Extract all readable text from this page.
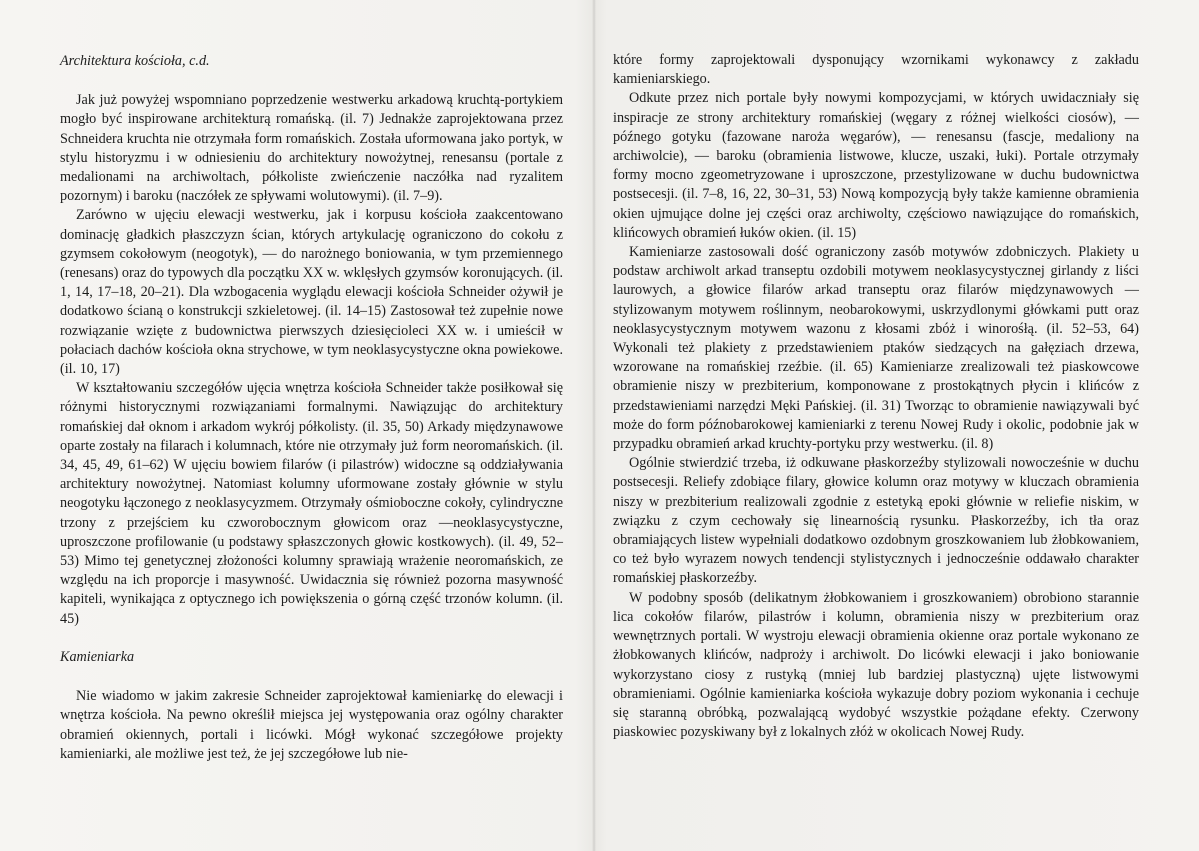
Architektura kościoła, c.d.

Jak już powyżej wspomniano poprzedzenie westwerku arkadową kruchtą-portykiem mogło być inspirowane architekturą romańską. (il. 7) Jednakże zaprojektowana przez Schneidera kruchta nie otrzymała form romańskich. Została uformowana jako portyk, w stylu historyzmu i w odniesieniu do architektury nowożytnej, renesansu (portale z medalionami na archiwoltach, półkoliste zwieńczenie naczółka nad ryzalitem pozornym) i baroku (naczółek ze spływami wolutowymi). (il. 7–9).

Zarówno w ujęciu elewacji westwerku, jak i korpusu kościoła zaakcentowano dominację gładkich płaszczyzn ścian, których artykulację ograniczono do cokołu z gzymsem cokołowym (neogotyk), — do narożnego boniowania, w tym przemiennego (renesans) oraz do typowych dla początku XX w. wklęsłych gzymsów koronujących. (il. 1, 14, 17–18, 20–21). Dla wzbogacenia wyglądu elewacji kościoła Schneider ożywił je dodatkowo ścianą o konstrukcji szkieletowej. (il. 14–15) Zastosował też zupełnie nowe rozwiązanie wzięte z budownictwa pierwszych dziesięcioleci XX w. i umieścił w połaciach dachów kościoła okna strychowe, w tym neoklasycystyczne okna powiekowe. (il. 10, 17)

W kształtowaniu szczegółów ujęcia wnętrza kościoła Schneider także posiłkował się różnymi historycznymi rozwiązaniami formalnymi. Nawiązując do architektury romańskiej dał oknom i arkadom wykrój półkolisty. (il. 35, 50) Arkady międzynawowe oparte zostały na filarach i kolumnach, które nie otrzymały już form neoromańskich. (il. 34, 45, 49, 61–62) W ujęciu bowiem filarów (i pilastrów) widoczne są oddziaływania architektury nowożytnej. Natomiast kolumny uformowane zostały głównie w stylu neogotyku łączonego z neoklasycyzmem. Otrzymały ośmioboczne cokoły, cylindryczne trzony z przejściem ku czworobocznym głowicom oraz —neoklasycystyczne, uproszczone profilowanie (u podstawy spłaszczonych głowic kostkowych). (il. 49, 52–53) Mimo tej genetycznej złożoności kolumny sprawiają wrażenie neoromańskich, ze względu na ich proporcje i masywność. Uwidacznia się również pozorna masywność kapiteli, wynikająca z optycznego ich powiększenia o górną część trzonów kolumn. (il. 45)

Kamieniarka

Nie wiadomo w jakim zakresie Schneider zaprojektował kamieniarkę do elewacji i wnętrza kościoła. Na pewno określił miejsca jej występowania oraz ogólny charakter obramień okiennych, portali i licówki. Mógł wykonać szczegółowe projekty kamieniarki, ale możliwe jest też, że jej szczegółowe lub nie-

które formy zaprojektowali dysponujący wzornikami wykonawcy z zakładu kamieniarskiego.

Odkute przez nich portale były nowymi kompozycjami, w których uwidaczniały się inspiracje ze strony architektury romańskiej (węgary z różnej wielkości ciosów), — późnego gotyku (fazowane naroża węgarów), — renesansu (fascje, medaliony na archiwolcie), — baroku (obramienia listwowe, klucze, uszaki, łuki). Portale otrzymały formy mocno zgeometryzowane i uproszczone, przestylizowane w duchu budownictwa postsecesji. (il. 7–8, 16, 22, 30–31, 53) Nową kompozycją były także kamienne obramienia okien ujmujące dolne jej części oraz archiwolty, częściowo nawiązujące do romańskich, klińcowych obramień łuków okien. (il. 15)

Kamieniarze zastosowali dość ograniczony zasób motywów zdobniczych. Plakiety u podstaw archiwolt arkad transeptu ozdobili motywem neoklasycystycznej girlandy z liści laurowych, a głowice filarów arkad transeptu oraz filarów międzynawowych — stylizowanym motywem roślinnym, neobarokowymi, uskrzydlonymi główkami putt oraz neoklasycystycznym motywem wazonu z kłosami zbóż i winorośłą. (il. 52–53, 64) Wykonali też plakiety z przedstawieniem ptaków siedzących na gałęziach drzewa, wzorowane na romańskiej rzeźbie. (il. 65) Kamieniarze zrealizowali też piaskowcowe obramienie niszy w prezbiterium, komponowane z prostokątnych płycin i klińców z przedstawieniami narzędzi Męki Pańskiej. (il. 31) Tworząc to obramienie nawiązywali być może do form późnobarokowej kamieniarki z terenu Nowej Rudy i okolic, podobnie jak w przypadku obramień arkad kruchty-portyku przy westwerku. (il. 8)

Ogólnie stwierdzić trzeba, iż odkuwane płaskorzeźby stylizowali nowocześnie w duchu postsecesji. Reliefy zdobiące filary, głowice kolumn oraz motywy w kluczach obramienia niszy w prezbiterium realizowali zgodnie z estetyką epoki głównie w reliefie niskim, w związku z czym cechowały się linearnością rysunku. Płaskorzeźby, ich tła oraz obramiających listew wypełniali dodatkowo ozdobnym groszkowaniem lub żłobkowaniem, co też było wyrazem nowych tendencji stylistycznych i jednocześnie oddawało charakter romańskiej płaskorzeźby.

W podobny sposób (delikatnym żłobkowaniem i groszkowaniem) obrobiono starannie lica cokołów filarów, pilastrów i kolumn, obramienia niszy w prezbiterium oraz wewnętrznych portali. W wystroju elewacji obramienia okienne oraz portale wykonano ze żłobkowanych klińców, nadproży i archiwolt. Do licówki elewacji i jako boniowanie wykorzystano ciosy z rustyką (mniej lub bardziej plastyczną) ujęte listwowymi obramieniami. Ogólnie kamieniarka kościoła wykazuje dobry poziom wykonania i cechuje się staranną obróbką, pozwalającą wydobyć wszystkie pożądane efekty. Czerwony piaskowiec pozyskiwany był z lokalnych złóż w okolicach Nowej Rudy.
